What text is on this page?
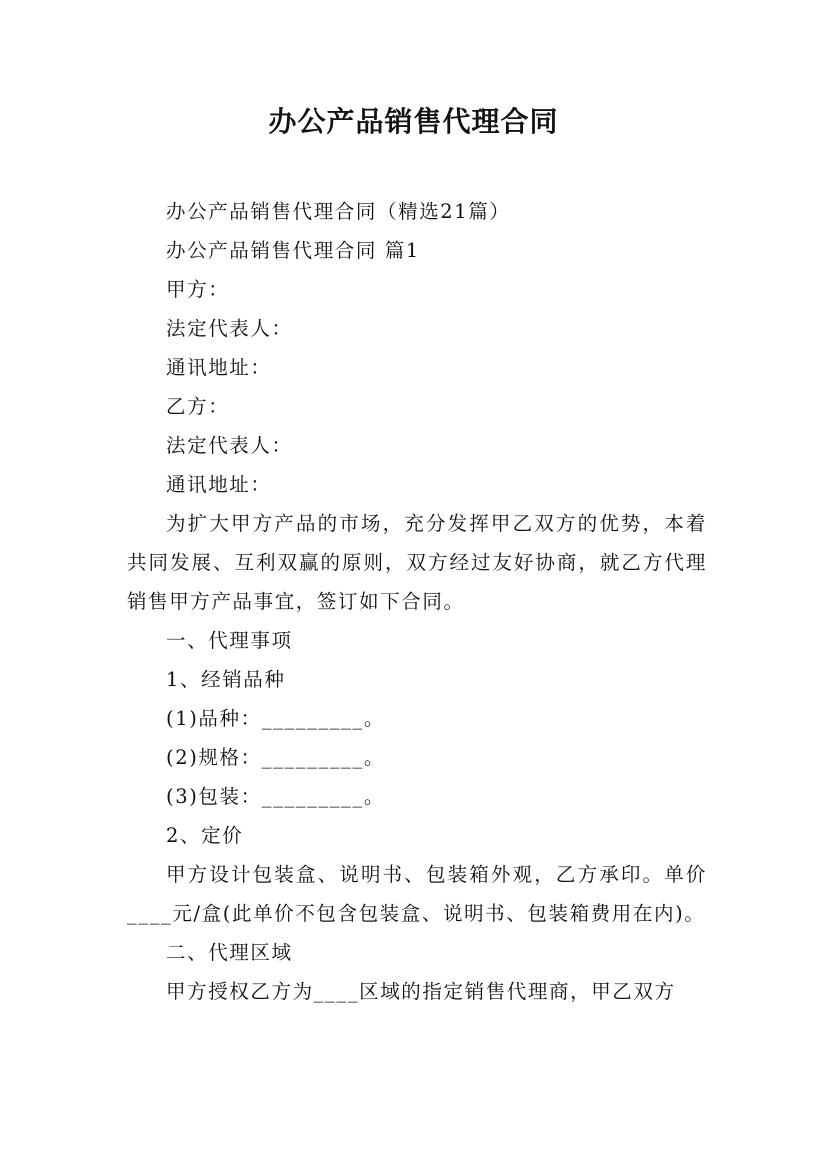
办公产品销售代理合同

办公产品销售代理合同（精选21篇）

办公产品销售代理合同 篇1

甲方：

法定代表人：

通讯地址：

乙方：

法定代表人：

通讯地址：

为扩大甲方产品的市场，充分发挥甲乙双方的优势，本着共同发展、互利双赢的原则，双方经过友好协商，就乙方代理销售甲方产品事宜，签订如下合同。

一、代理事项

1、经销品种

(1)品种：_________。

(2)规格：_________。

(3)包装：_________。

2、定价

甲方设计包装盒、说明书、包装箱外观，乙方承印。单价____元/盒(此单价不包含包装盒、说明书、包装箱费用在内)。

二、代理区域

甲方授权乙方为____区域的指定销售代理商，甲乙双方
